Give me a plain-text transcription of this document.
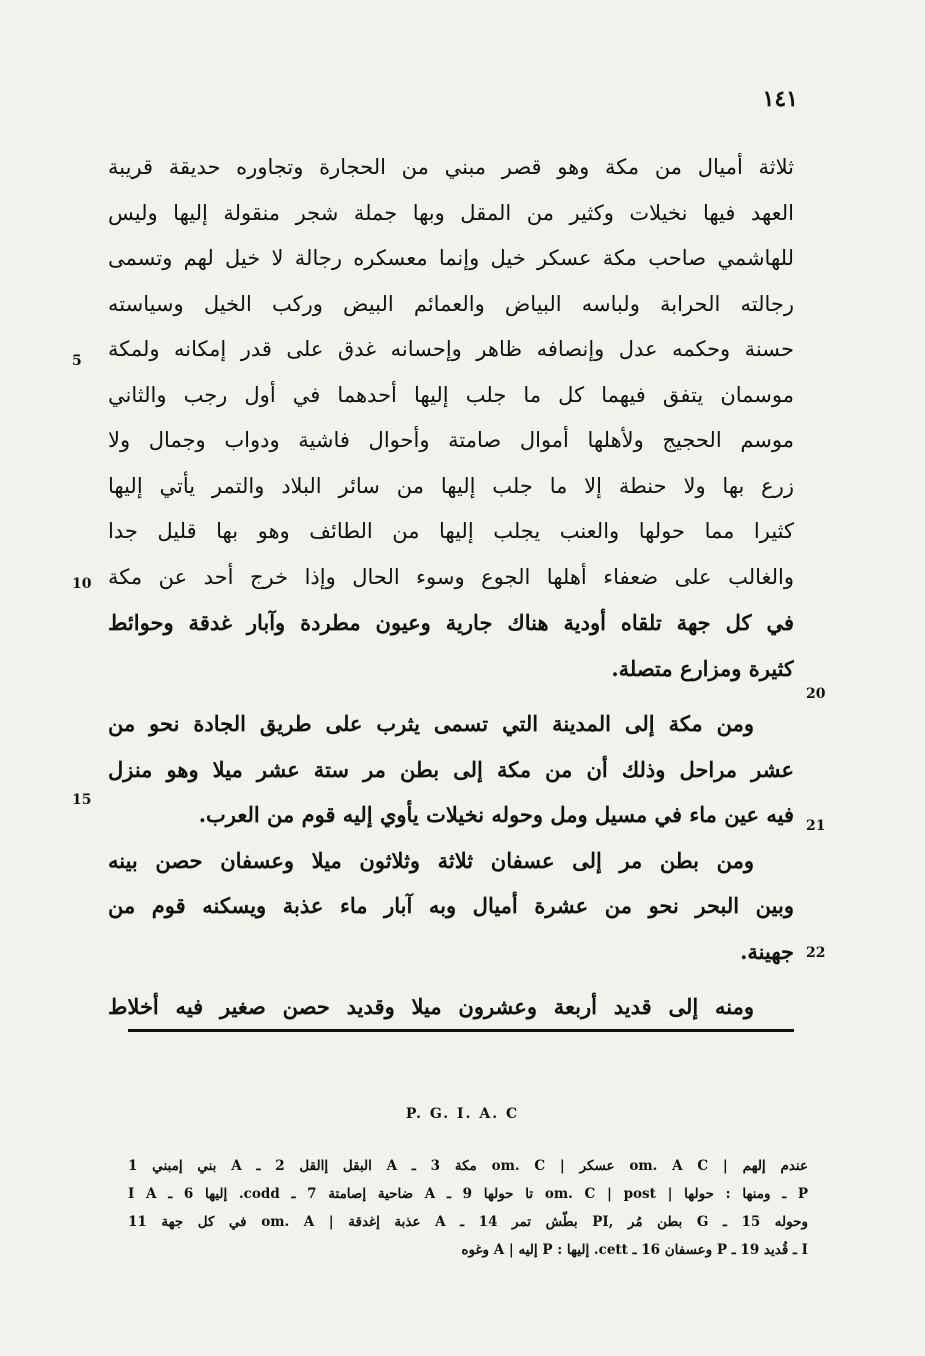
١٤١
ثلاثة أميال من مكة وهو قصر مبني من الحجارة وتجاوره حديقة قريبة
العهد فيها نخيلات وكثير من المقل وبها جملة شجر منقولة إليها وليس
للهاشمي صاحب مكة عسكر خيل وإنما معسكره رجالة لا خيل لهم وتسمى
رجالته الحرابة ولباسه البياض والعمائم البيض وركب الخيل وسياسته
حسنة وحكمه عدل وإنصافه ظاهر وإحسانه غدق على قدر إمكانه ولمكة
موسمان يتفق فيهما كل ما جلب إليها أحدهما في أول رجب والثاني
موسم الحجيج ولأهلها أموال صامتة وأحوال فاشية ودواب وجمال ولا
زرع بها ولا حنطة إلا ما جلب إليها من سائر البلاد والتمر يأتي إليها
كثيرا مما حولها والعنب يجلب إليها من الطائف وهو بها قليل جدا
والغالب على ضعفاء أهلها الجوع وسوء الحال وإذا خرج أحد عن مكة
في كل جهة تلقاه أودية هناك جارية وعيون مطردة وآبار غدقة وحوائط
كثيرة ومزارع متصلة.
ومن مكة إلى المدينة التي تسمى يثرب على طريق الجادة نحو من
عشر مراحل وذلك أن من مكة إلى بطن مر ستة عشر ميلا وهو منزل
فيه عين ماء في مسيل ومل وحوله نخيلات يأوي إليه قوم من العرب.
ومن بطن مر إلى عسفان ثلاثة وثلاثون ميلا وعسفان حصن بينه
وبين البحر نحو من عشرة أميال وبه آبار ماء عذبة ويسكنه قوم من
جهينة.
ومنه إلى قديد أربعة وعشرون ميلا وقديد حصن صغير فيه أخلاط
5
10
15
20
21
22
P. G. I. A. C
عندم إلهم | om. A C عسكر | om. C مكة 3 ـ A البقل إالقل 2 ـ A بني إمبني 1
P ـ ومنها : حولها | om. C | post تا حولها 9 ـ A ضاحية إصامتة 7 ـ codd. إليها 6 ـ I A
وحوله 15 ـ G بطن مُر ,PI بطّش تمر 14 ـ A عذبة إغدقة | om. A في كل جهة 11
I ـ قُديد 19 ـ P وعسفان 16 ـ cett. إليها : P إليه | A وغوه
